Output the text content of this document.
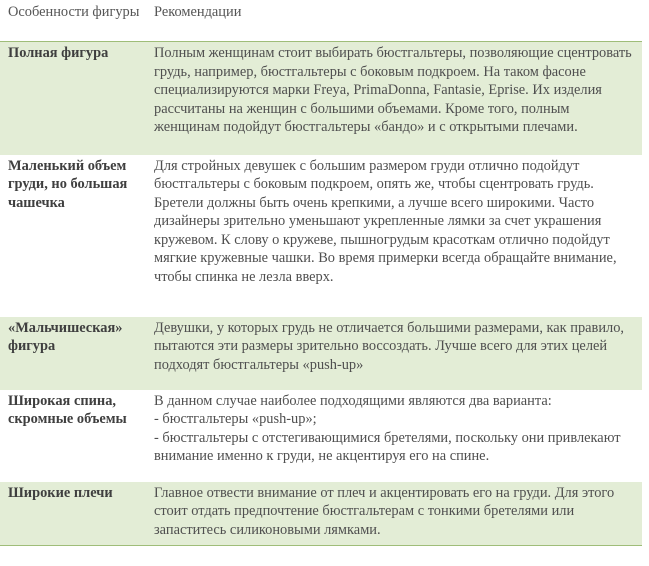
Особенности фигуры	Рекомендации
Полная фигура	Полным женщинам стоит выбирать бюстгальтеры, позволяющие сцентровать грудь, например, бюстгальтеры с боковым подкроем. На таком фасоне специализируются марки Freya, PrimaDonna, Fantasie, Eprise. Их изделия рассчитаны на женщин с большими объемами. Кроме того, полным женщинам подойдут бюстгальтеры «бандо» и с открытыми плечами.
Маленький объем груди, но большая чашечка	Для стройных девушек с большим размером груди отлично подойдут бюстгальтеры с боковым подкроем, опять же, чтобы сцентровать грудь. Бретели должны быть очень крепкими, а лучше всего широкими. Часто дизайнеры зрительно уменьшают укрепленные лямки за счет украшения кружевом. К слову о кружеве, пышногрудым красоткам отлично подойдут мягкие кружевные чашки. Во время примерки всегда обращайте внимание, чтобы спинка не лезла вверх.
«Мальчишеская» фигура	Девушки, у которых грудь не отличается большими размерами, как правило, пытаются эти размеры зрительно воссоздать. Лучше всего для этих целей подходят бюстгальтеры «push-up»
Широкая спина, скромные объемы	В данном случае наиболее подходящими являются два варианта:
- бюстгальтеры «push-up»;
- бюстгальтеры с отстегивающимися бретелями, поскольку они привлекают внимание именно к груди, не акцентируя его на спине.

Широкие плечи	Главное отвести внимание от плеч и акцентировать его на груди. Для этого стоит отдать предпочтение бюстгальтерам с тонкими бретелями или запаститесь силиконовыми лямками.
